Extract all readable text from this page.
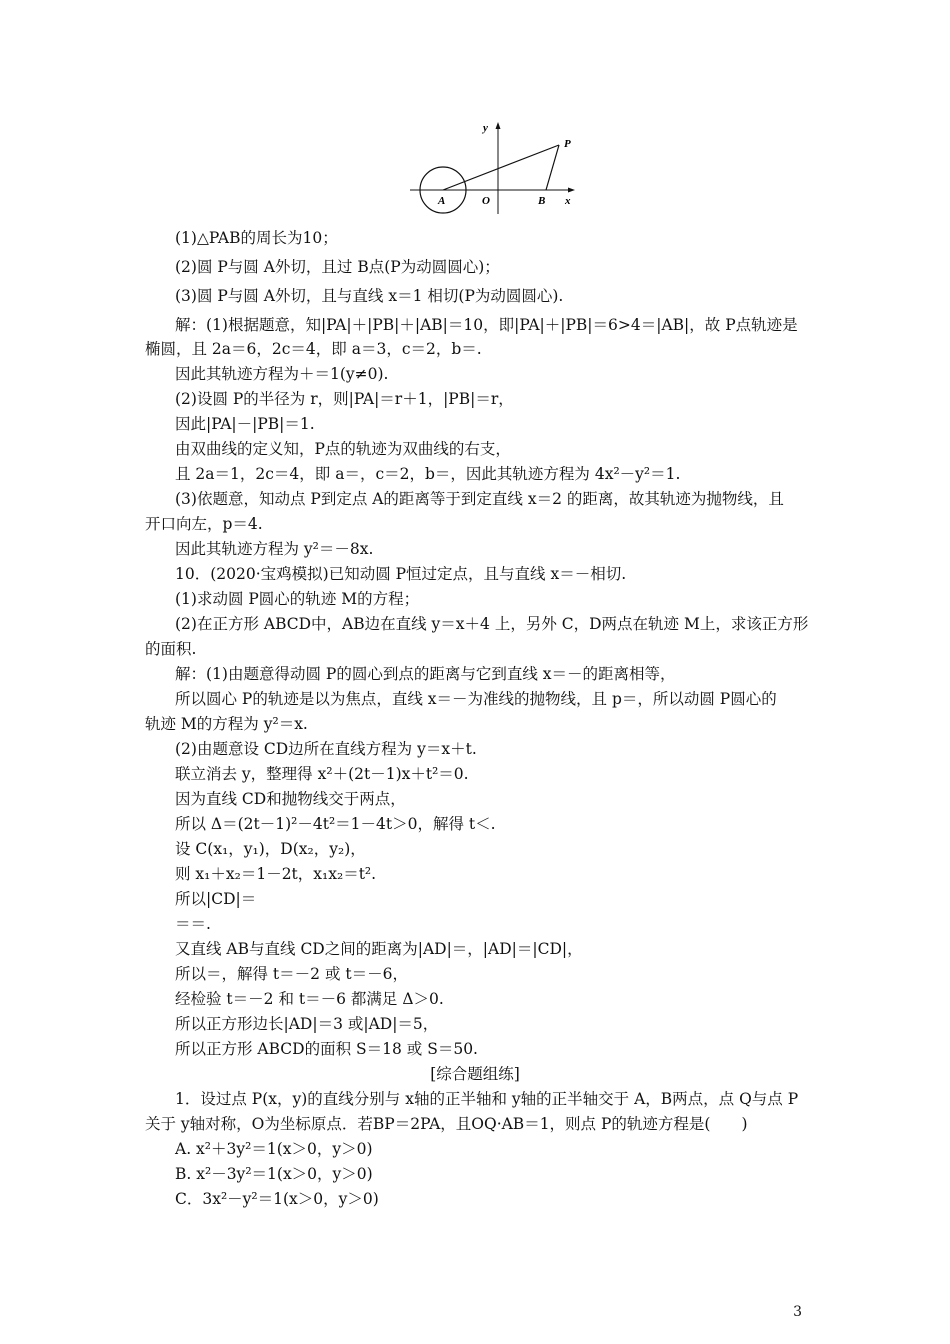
y
x
A	O	B
P
(1)△PAB的周长为10；
(2)圆 P与圆 A外切，且过 B点(P为动圆圆心)；
(3)圆 P与圆 A外切，且与直线 x＝1 相切(P为动圆圆心).
解：(1)根据题意，知|PA|＋|PB|＋|AB|＝10，即|PA|＋|PB|＝6>4＝|AB|，故 P点轨迹是
椭圆，且 2a＝6，2c＝4，即 a＝3，c＝2，b＝.
因此其轨迹方程为＋＝1(y≠0).
(2)设圆 P的半径为 r，则|PA|＝r＋1，|PB|＝r，
因此|PA|－|PB|＝1.
由双曲线的定义知，P点的轨迹为双曲线的右支，
且 2a＝1，2c＝4，即 a＝，c＝2，b＝，因此其轨迹方程为 4x²－y²＝1.
(3)依题意，知动点 P到定点 A的距离等于到定直线 x＝2 的距离，故其轨迹为抛物线，且
开口向左，p＝4.
因此其轨迹方程为 y²＝－8x.
10．(2020·宝鸡模拟)已知动圆 P恒过定点，且与直线 x＝－相切.
(1)求动圆 P圆心的轨迹 M的方程；
(2)在正方形 ABCD中，AB边在直线 y＝x＋4 上，另外 C，D两点在轨迹 M上，求该正方形
的面积.
解：(1)由题意得动圆 P的圆心到点的距离与它到直线 x＝－的距离相等，
所以圆心 P的轨迹是以为焦点，直线 x＝－为准线的抛物线，且 p＝，所以动圆 P圆心的
轨迹 M的方程为 y²＝x.
(2)由题意设 CD边所在直线方程为 y＝x＋t.
联立消去 y，整理得 x²＋(2t－1)x＋t²＝0.
因为直线 CD和抛物线交于两点，
所以 Δ＝(2t－1)²－4t²＝1－4t＞0，解得 t＜.
设 C(x₁，y₁)，D(x₂，y₂)，
则 x₁＋x₂＝1－2t，x₁x₂＝t².
所以|CD|＝
＝＝.
又直线 AB与直线 CD之间的距离为|AD|＝，|AD|＝|CD|，
所以＝，解得 t＝－2 或 t＝－6，
经检验 t＝－2 和 t＝－6 都满足 Δ＞0.
所以正方形边长|AD|＝3 或|AD|＝5，
所以正方形 ABCD的面积 S＝18 或 S＝50.
[综合题组练]
1．设过点 P(x，y)的直线分别与 x轴的正半轴和 y轴的正半轴交于 A，B两点，点 Q与点 P
关于 y轴对称，O为坐标原点．若BP＝2PA，且OQ·AB＝1，则点 P的轨迹方程是(　　)
A. x²＋3y²＝1(x＞0，y＞0)
B. x²－3y²＝1(x＞0，y＞0)
C．3x²－y²＝1(x＞0，y＞0)
3
